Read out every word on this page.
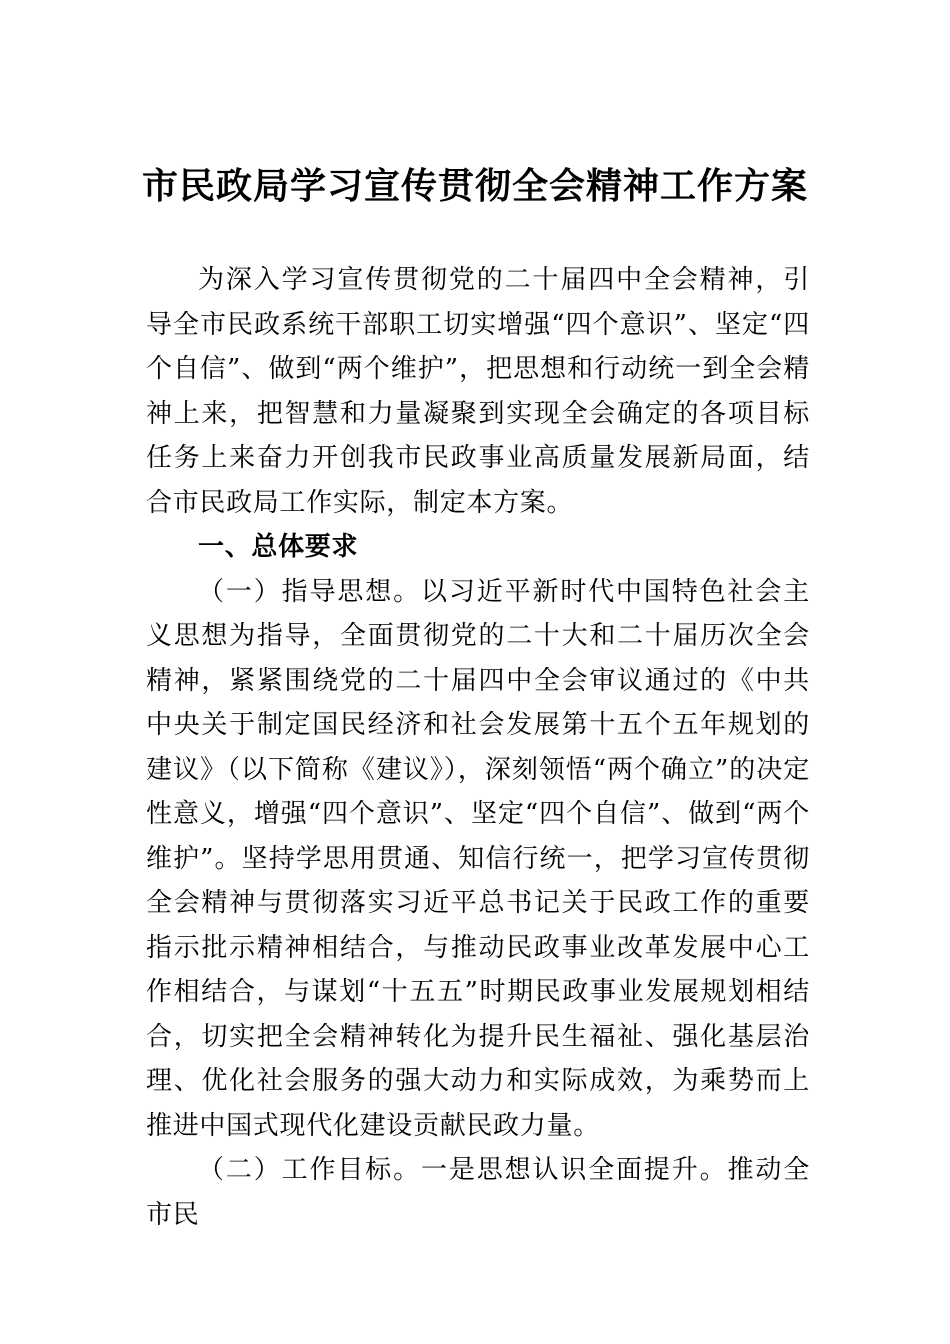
市民政局学习宣传贯彻全会精神工作方案

为深入学习宣传贯彻党的二十届四中全会精神，引导全市民政系统干部职工切实增强“四个意识”、坚定“四个自信”、做到“两个维护”，把思想和行动统一到全会精神上来，把智慧和力量凝聚到实现全会确定的各项目标任务上来奋力开创我市民政事业高质量发展新局面，结合市民政局工作实际，制定本方案。

一、总体要求

（一）指导思想。以习近平新时代中国特色社会主义思想为指导，全面贯彻党的二十大和二十届历次全会精神，紧紧围绕党的二十届四中全会审议通过的《中共中央关于制定国民经济和社会发展第十五个五年规划的建议》（以下简称《建议》），深刻领悟“两个确立”的决定性意义，增强“四个意识”、坚定“四个自信”、做到“两个维护”。坚持学思用贯通、知信行统一，把学习宣传贯彻全会精神与贯彻落实习近平总书记关于民政工作的重要指示批示精神相结合，与推动民政事业改革发展中心工作相结合，与谋划“十五五”时期民政事业发展规划相结合，切实把全会精神转化为提升民生福祉、强化基层治理、优化社会服务的强大动力和实际成效，为乘势而上推进中国式现代化建设贡献民政力量。

（二）工作目标。一是思想认识全面提升。推动全市民
